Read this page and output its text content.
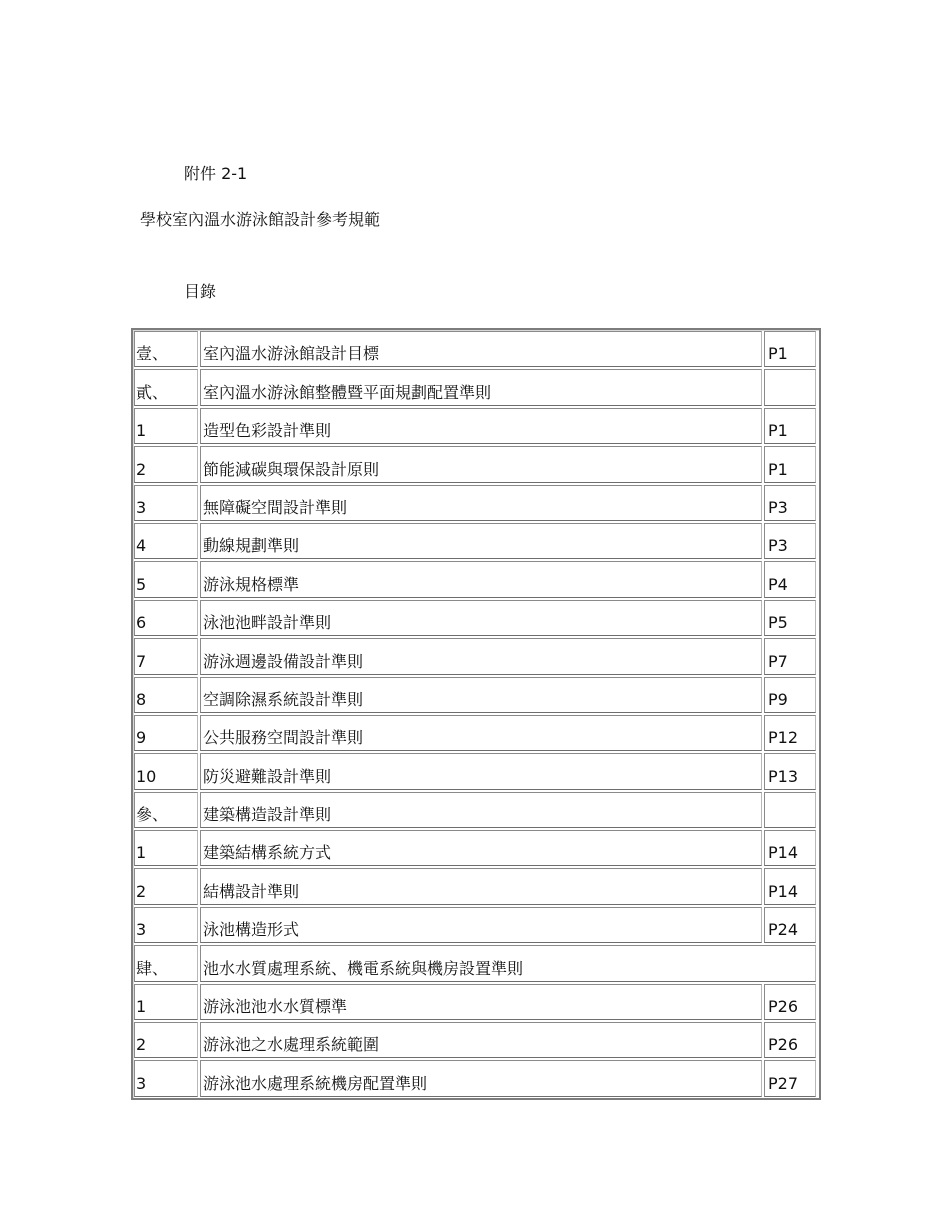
附件 2-1
學校室內溫水游泳館設計參考規範
目錄
壹、	室內溫水游泳館設計目標	P1
貳、	室內溫水游泳館整體暨平面規劃配置準則
1	造型色彩設計準則	P1
2	節能減碳與環保設計原則	P1
3	無障礙空間設計準則	P3
4	動線規劃準則	P3
5	游泳規格標準	P4
6	泳池池畔設計準則	P5
7	游泳週邊設備設計準則	P7
8	空調除濕系統設計準則	P9
9	公共服務空間設計準則	P12
10	防災避難設計準則	P13
參、	建築構造設計準則
1	建築結構系統方式	P14
2	結構設計準則	P14
3	泳池構造形式	P24
肆、	池水水質處理系統、機電系統與機房設置準則
1	游泳池池水水質標準	P26
2	游泳池之水處理系統範圍	P26
3	游泳池水處理系統機房配置準則	P27
